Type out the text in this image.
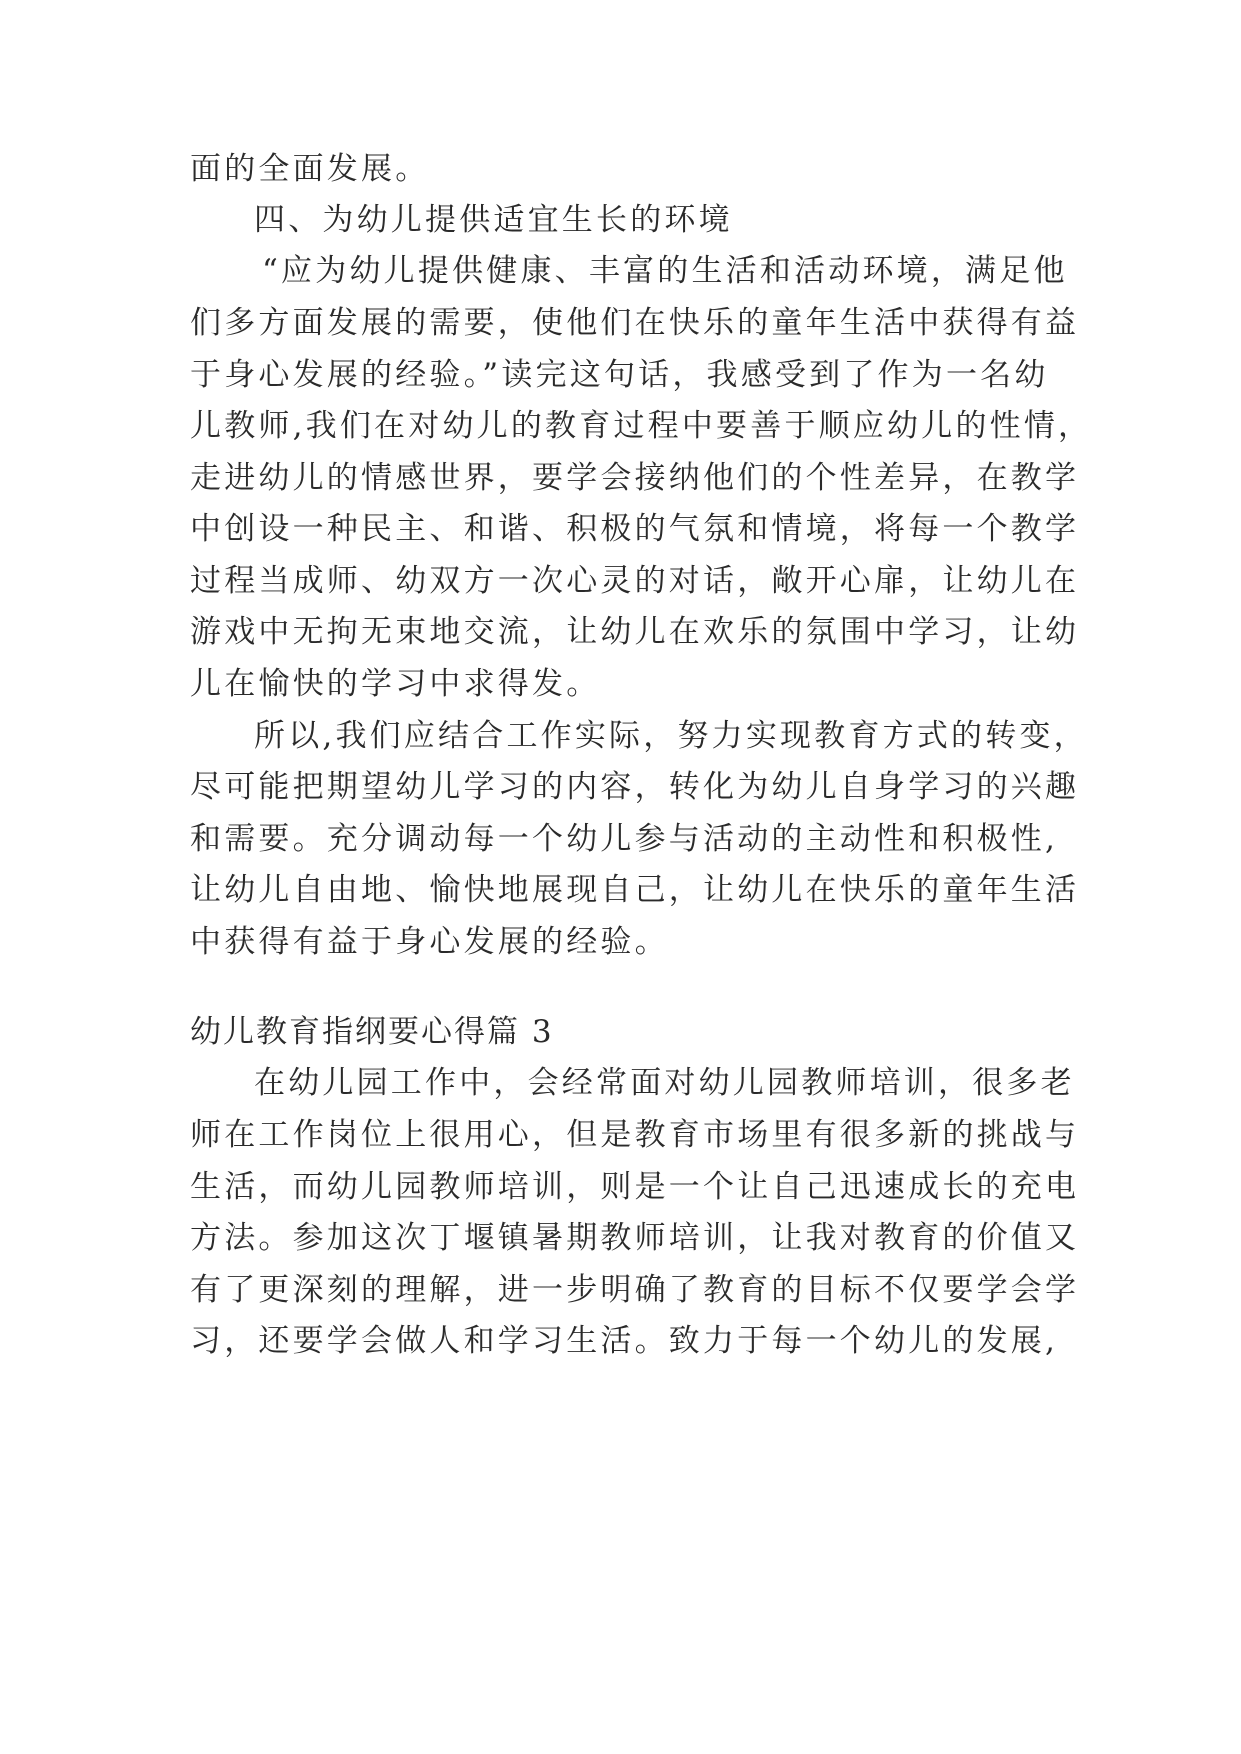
面的全面发展。
四、为幼儿提供适宜生长的环境
“应为幼儿提供健康、丰富的生活和活动环境，满足他
们多方面发展的需要，使他们在快乐的童年生活中获得有益
于身心发展的经验。”读完这句话，我感受到了作为一名幼
儿教师,我们在对幼儿的教育过程中要善于顺应幼儿的性情，
走进幼儿的情感世界，要学会接纳他们的个性差异，在教学
中创设一种民主、和谐、积极的气氛和情境，将每一个教学
过程当成师、幼双方一次心灵的对话，敞开心扉，让幼儿在
游戏中无拘无束地交流，让幼儿在欢乐的氛围中学习，让幼
儿在愉快的学习中求得发。
所以,我们应结合工作实际，努力实现教育方式的转变，
尽可能把期望幼儿学习的内容，转化为幼儿自身学习的兴趣
和需要。充分调动每一个幼儿参与活动的主动性和积极性,
让幼儿自由地、愉快地展现自己，让幼儿在快乐的童年生活
中获得有益于身心发展的经验。
幼儿教育指纲要心得篇 3
在幼儿园工作中，会经常面对幼儿园教师培训，很多老
师在工作岗位上很用心，但是教育市场里有很多新的挑战与
生活，而幼儿园教师培训，则是一个让自己迅速成长的充电
方法。参加这次丁堰镇暑期教师培训，让我对教育的价值又
有了更深刻的理解，进一步明确了教育的目标不仅要学会学
习，还要学会做人和学习生活。致力于每一个幼儿的发展,
